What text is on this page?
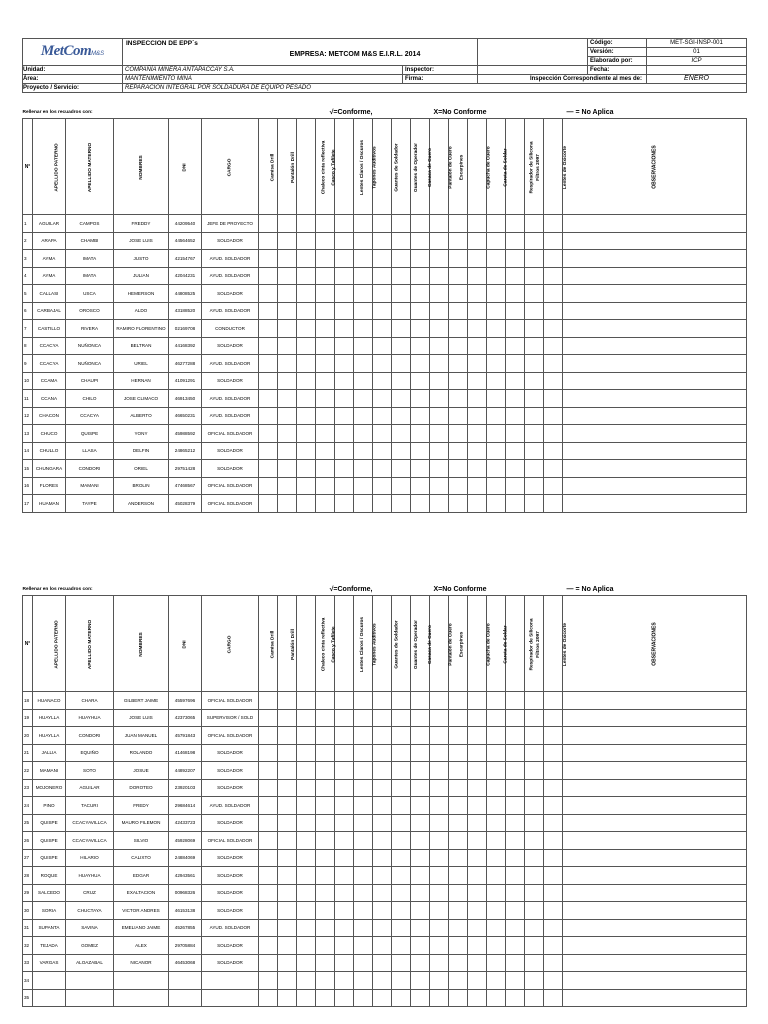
MetComM&S	INSPECCION DE EPP´s
EMPRESA: METCOM M&S E.I.R.L. 2014			Código:	MET-SGI-INSP-001
				Versión:	01
				Elaborado por:	ICP
Unidad:	COMPAÑÍA MINERA ANTAPACCAY S.A.	Inspector:		Fecha:	
Área:	MANTENIMIENTO MINA	Firma:	Inspección Correspondiente al mes de:		ENERO
Proyecto / Servicio:	REPARACION INTEGRAL POR SOLDADURA DE EQUIPO PESADO				
Rellenar en los recuadros con:						√=Conforme,						X=No Conforme						— = No Aplica				
N°	APELLIDO PATERNO	APELLIDO MATERNO	NOMBRES	DNI	CARGO	Camisa Drill	Pantalón Drill	Chaleco cinta reflectiva	Casco y Tafilete	Lentes Claros / Oscuros	Tapones Auditivos	Guantes de Soldador	Guantes de Operador	Casaca de Cuero	Pantalón de Cuero	Escarpines	Capucha de Cuero	Careta de Soldar	Respirador de Silicona	Filtros 2097	Lentes de Oxicorte	OBSERVACIONES
1	AGUILAR	CAMPOS	FREDDY	44209540	JEFE DE PROYECTO																	
2	ARAPA	CHAMBI	JOSE LUIS	44564652	SOLDADOR																	
3	AYMA	IMATA	JUSTO	42154767	AYUD. SOLDADOR																	
4	AYMA	IMATA	JULIAN	42044231	AYUD. SOLDADOR																	
5	CALLASI	USCA	HEMERSON	44808525	SOLDADOR																	
6	CARBAJAL	OROSCO	ALDO	43188520	AYUD. SOLDADOR																	
7	CASTILLO	RIVERA	RAMIRO FLORENTINO	02169708	CONDUCTOR																	
8	CCACYA	NUÑONCA	BELTRAN	44168392	SOLDADOR																	
9	CCACYA	NUÑONCA	URIEL	46277288	AYUD. SOLDADOR																	
10	CCAMA	CHAUPI	HERNAN	41091291	SOLDADOR																	
11	CCANA	CHILO	JOSE CLIMACO	46913450	AYUD. SOLDADOR																	
12	CHACON	CCACYA	ALBERTO	46650231	AYUD. SOLDADOR																	
13	CHUCO	QUISPE	YONY	45988592	OFICIAL SOLDADOR																	
14	CHULLO	LLASA	DELFIN	24865212	SOLDADOR																	
15	CHUNGARA	CONDORI	ORIEL	29751428	SOLDADOR																	
16	FLORES	MAMANI	BROLIN	47468567	OFICIAL SOLDADOR																	
17	HUAMAN	TAYPE	ANDERSON	45028379	OFICIAL SOLDADOR																	
Rellenar en los recuadros con:						√=Conforme,						X=No Conforme						— = No Aplica				
N°	APELLIDO PATERNO	APELLIDO MATERNO	NOMBRES	DNI	CARGO	Camisa Drill	Pantalón Drill	Chaleco cinta reflectiva	Casco y Tafilete	Lentes Claros / Oscuros	Tapones Auditivos	Guantes de Soldador	Guantes de Operador	Casaca de Cuero	Pantalón de Cuero	Escarpines	Capucha de Cuero	Careta de Soldar	Respirador de Silicona	Filtros 2097	Lentes de Oxicorte	OBSERVACIONES
18	HUANACO	CHARA	GILBERT JAIME	45597696	OFICIAL SOLDADOR																	
19	HUAYLLA	HUAYHUA	JOSE LUIS	42373065	SUPERVISOR / SOLD																	
20	HUAYLLA	CONDORI	JUAN MANUEL	45791843	OFICIAL SOLDADOR																	
21	JALLIA	EQUIÑO	ROLANDO	41468198	SOLDADOR																	
22	MAMANI	SOTO	JOSUE	44892207	SOLDADOR																	
23	MOJONERO	AGUILAR	DOROTEO	23920103	SOLDADOR																	
24	PINO	TACURI	FREDY	29684614	AYUD. SOLDADOR																	
25	QUISPE	CCACYAVILLCA	MAURO FILEMON	42433723	SOLDADOR																	
26	QUISPE	CCACYAVILLCA	SILVIO	45928069	OFICIAL SOLDADOR																	
27	QUISPE	HILARIO	CALIXTO	24884069	SOLDADOR																	
28	ROQUE	HUAYHUA	EDGAR	42943561	SOLDADOR																	
29	SALCEDO	CRUZ	EXALTACION	00968326	SOLDADOR																	
30	SORIA	CHUCTAYA	VICTOR ANDRES	46153138	SOLDADOR																	
31	SUPANTA	SAVINA	EMELIANO JAIME	45267855	AYUD. SOLDADOR																	
32	TEJADA	GOMEZ	ALEX	29705884	SOLDADOR																	
33	VARGAS	ALOAZABAL	NICANOR	46453068	SOLDADOR																	
34																						
35																						
